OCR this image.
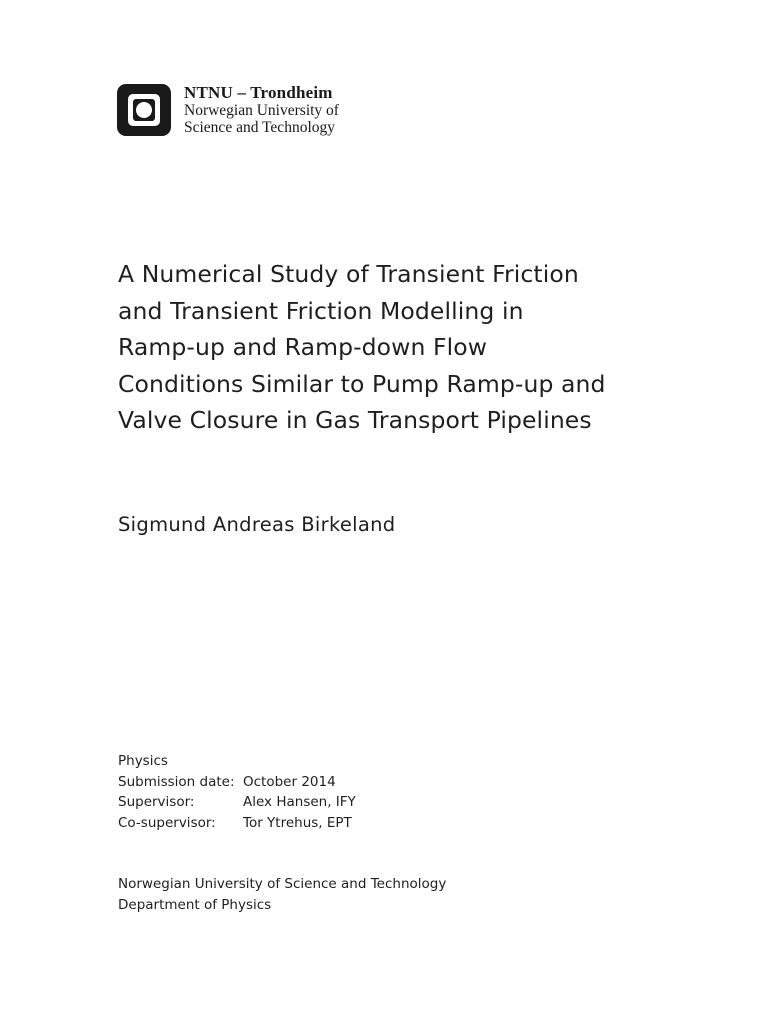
NTNU – Trondheim
Norwegian University of
Science and Technology
A Numerical Study of Transient Friction
and Transient Friction Modelling in
Ramp-up and Ramp-down Flow
Conditions Similar to Pump Ramp-up and
Valve Closure in Gas Transport Pipelines
Sigmund Andreas Birkeland
Physics
Submission date: October 2014
Supervisor:	Alex Hansen, IFY
Co-supervisor:	Tor Ytrehus, EPT
Norwegian University of Science and Technology
Department of Physics
